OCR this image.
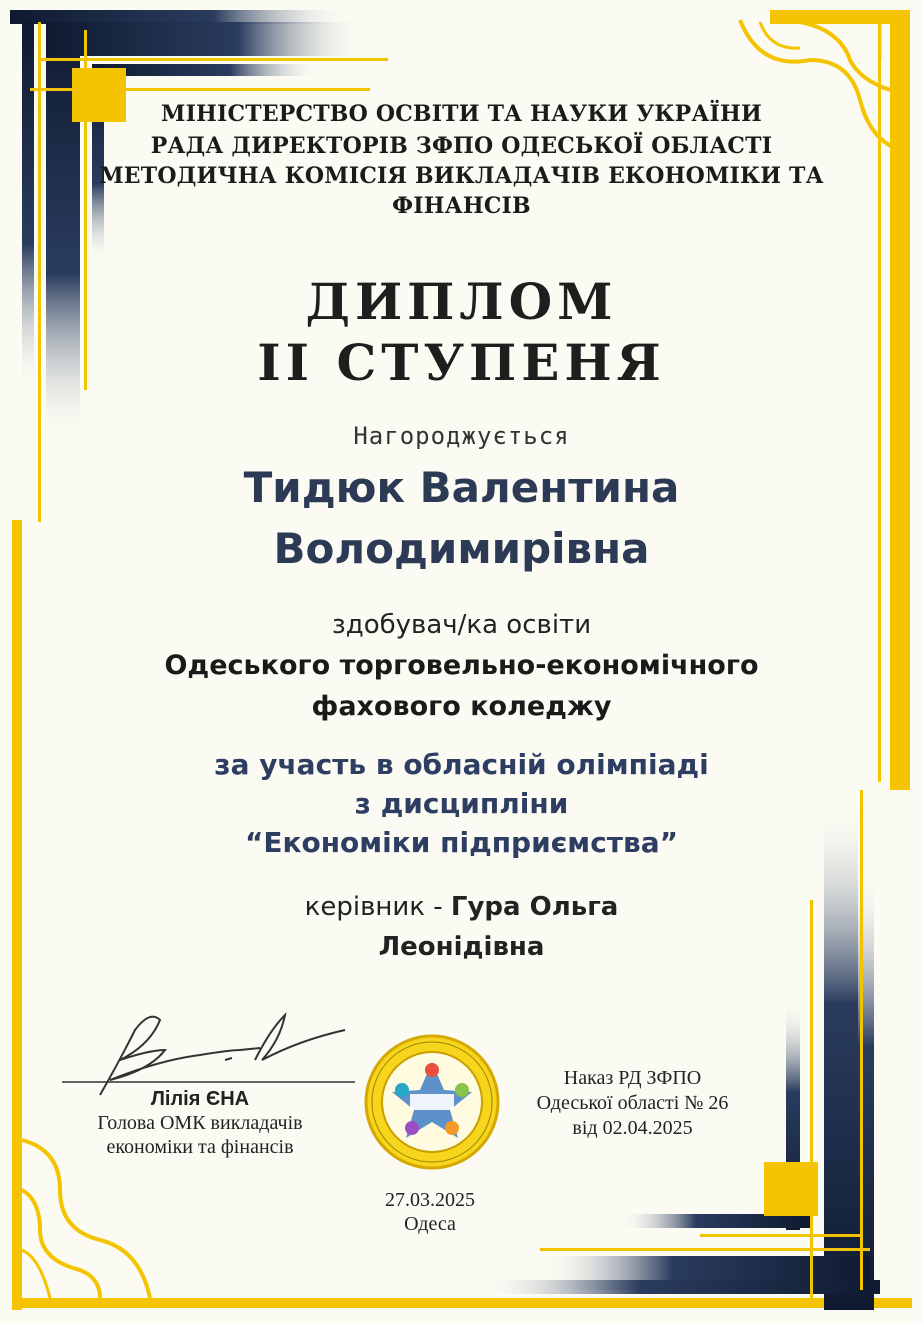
МІНІСТЕРСТВО ОСВІТИ ТА НАУКИ УКРАЇНИ

РАДА ДИРЕКТОРІВ ЗФПО ОДЕСЬКОЇ ОБЛАСТІ

МЕТОДИЧНА КОМІСІЯ ВИКЛАДАЧІВ ЕКОНОМІКИ ТА

ФІНАНСІВ

ДИПЛОМ

ІІ СТУПЕНЯ

Нагороджується

Тидюк Валентина

Володимирівна

здобувач/ка освіти

Одеського торговельно-економічного

фахового коледжу

за участь в обласній олімпіаді

з дисципліни

“Економіки підприємства”

керівник - Гура Ольга

Леонідівна

Лілія ЄНА
Голова ОМК викладачів
економіки та фінансів
Наказ РД ЗФПО
Одеської області № 26
від 02.04.2025
27.03.2025
Одеса
